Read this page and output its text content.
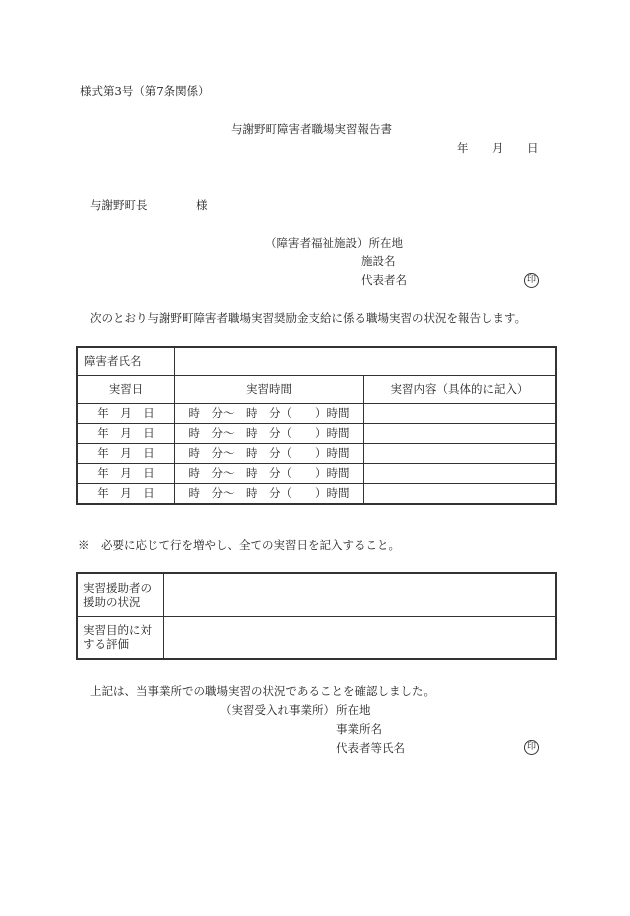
様式第3号（第7条関係）
与謝野町障害者職場実習報告書
年 月 日
与謝野町長	様
（障害者福祉施設）所在地
施設名
代表者名	印
次のとおり与謝野町障害者職場実習奨励金支給に係る職場実習の状況を報告します。
障害者氏名		
実習日	実習時間	実習内容（具体的に記入）
年　月　日	時　分〜　時　分（　　）時間	
年　月　日	時　分〜　時　分（　　）時間	
年　月　日	時　分〜　時　分（　　）時間	
年　月　日	時　分〜　時　分（　　）時間	
年　月　日	時　分〜　時　分（　　）時間	
※　必要に応じて行を増やし、全ての実習日を記入すること。
実習援助者の
援助の状況	

実習目的に対
する評価	

上記は、当事業所での職場実習の状況であることを確認しました。
（実習受入れ事業所） 所在地
事業所名
代表者等氏名	印
